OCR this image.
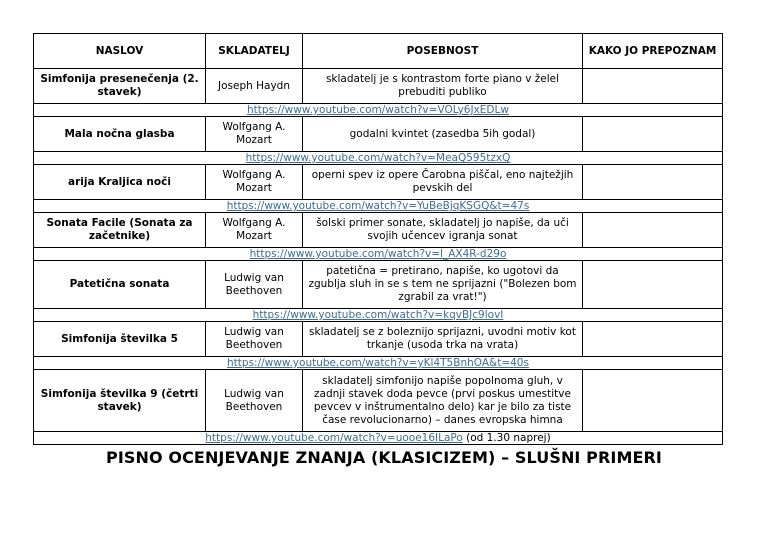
NASLOV	SKLADATELJ	POSEBNOST	KAKO JO PREPOZNAM
Simfonija presenečenja (2. stavek)	Joseph Haydn	skladatelj je s kontrastom forte piano v želel prebuditi publiko	
https://www.youtube.com/watch?v=VOLy6JxEDLw			
Mala nočna glasba	Wolfgang A. Mozart	godalni kvintet (zasedba 5ih godal)	
https://www.youtube.com/watch?v=MeaQ595tzxQ			
arija Kraljica noči	Wolfgang A. Mozart	operni spev iz opere Čarobna piščal, eno najtežjih pevskih del	
https://www.youtube.com/watch?v=YuBeBjqKSGQ&t=47s			
Sonata Facile (Sonata za začetnike)	Wolfgang A. Mozart	šolski primer sonate, skladatelj jo napiše, da uči svojih učencev igranja sonat	
https://www.youtube.com/watch?v=l_AX4R-d29o			
Patetična sonata	Ludwig van Beethoven	patetična = pretirano, napiše, ko ugotovi da zgublja sluh in se s tem ne sprijazni ("Bolezen bom zgrabil za vrat!")	
https://www.youtube.com/watch?v=kqvBJc9lovI			
Simfonija številka 5	Ludwig van Beethoven	skladatelj se z boleznijo sprijazni, uvodni motiv kot trkanje (usoda trka na vrata)	
https://www.youtube.com/watch?v=yKl4T5BnhOA&t=40s			
Simfonija številka 9 (četrti stavek)	Ludwig van Beethoven	skladatelj simfonijo napiše popolnoma gluh, v zadnji stavek doda pevce (prvi poskus umestitve pevcev v inštrumentalno delo) kar je bilo za tiste čase revolucionarno) – danes evropska himna	
https://www.youtube.com/watch?v=uooe16ILaPo (od 1.30 naprej)			
PISNO OCENJEVANJE ZNANJA (KLASICIZEM) – SLUŠNI PRIMERI
